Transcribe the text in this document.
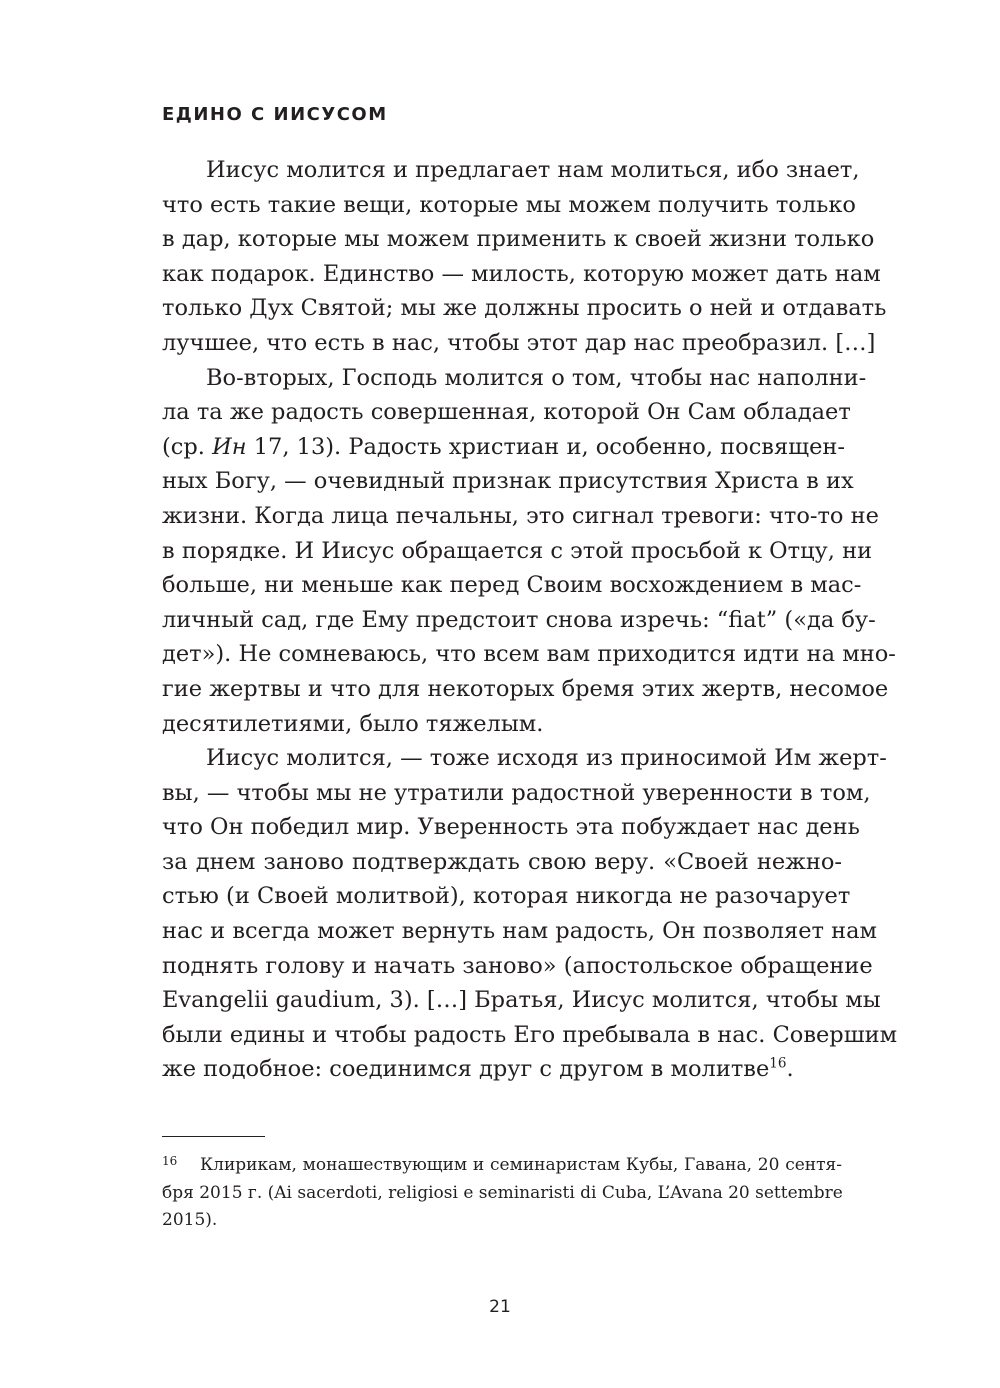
ЕДИНО С ИИСУСОМ
Иисус молится и предлагает нам молиться, ибо знает,
что есть такие вещи, которые мы можем получить только
в дар, которые мы можем применить к своей жизни только
как подарок. Единство — милость, которую может дать нам
только Дух Святой; мы же должны просить о ней и отдавать
лучшее, что есть в нас, чтобы этот дар нас преобразил. […]
Во-вторых, Господь молится о том, чтобы нас наполни-
ла та же радость совершенная, которой Он Сам обладает
(ср. Ин 17, 13). Радость христиан и, особенно, посвящен-
ных Богу, — очевидный признак присутствия Христа в их
жизни. Когда лица печальны, это сигнал тревоги: что-то не
в порядке. И Иисус обращается с этой просьбой к Отцу, ни
больше, ни меньше как перед Своим восхождением в мас-
личный сад, где Ему предстоит снова изречь: “fiat” («да бу-
дет»). Не сомневаюсь, что всем вам приходится идти на мно-
гие жертвы и что для некоторых бремя этих жертв, несомое
десятилетиями, было тяжелым.
Иисус молится, — тоже исходя из приносимой Им жерт-
вы, — чтобы мы не утратили радостной уверенности в том,
что Он победил мир. Уверенность эта побуждает нас день
за днем заново подтверждать свою веру. «Своей нежно-
стью (и Своей молитвой), которая никогда не разочарует
нас и всегда может вернуть нам радость, Он позволяет нам
поднять голову и начать заново» (апостольское обращение
Evangelii gaudium, 3). […] Братья, Иисус молится, чтобы мы
были едины и чтобы радость Его пребывала в нас. Совершим
же подобное: соединимся друг с другом в молитве$^{16}$.
16 Клирикам, монашествующим и семинаристам Кубы, Гавана, 20 сентя-
бря 2015 г. (Ai sacerdoti, religiosi e seminaristi di Cuba, L’Avana 20 settembre
2015).

21
